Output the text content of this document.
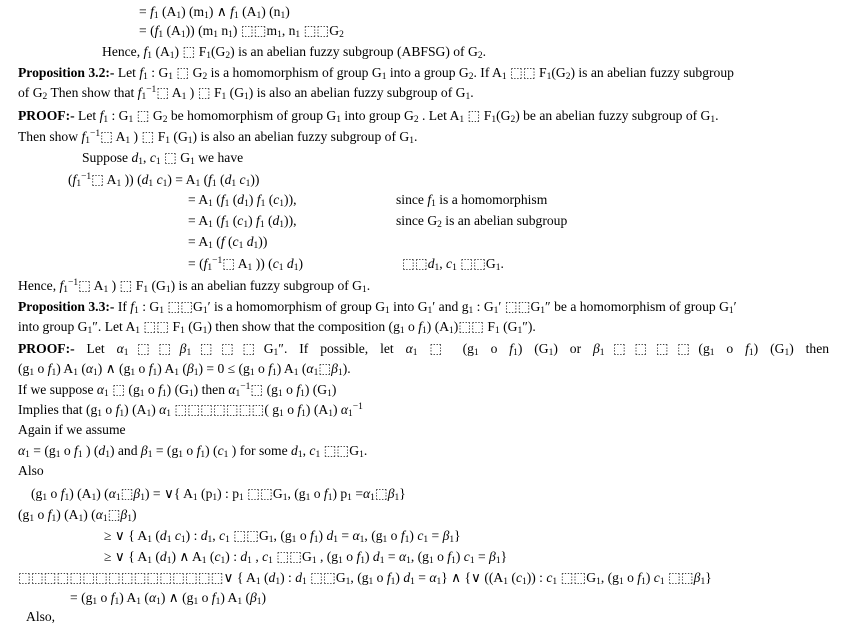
= $f_1$ $(A_1)$ $(m_1)$ ∧ $f_1$ $(A_1)$ $(n_1)$
= ($f_1$ $(A_1)$) ($m_1$ $n_1$) $⬚⬚m_1$, $n_1$ $⬚⬚G_2$
Hence, $f_1$ $(A_1)$ ⬚ $F_1(G_2)$ is an abelian fuzzy subgroup (ABFSG) of $G_2$.
Proposition 3.2:- Let $f_1$ : $G_1$ ⬚ $G_2$ is a homomorphism of group $G_1$ into a group $G_2$. If $A_1$ ⬚⬚ $F_1(G_2)$ is an abelian fuzzy subgroup
of $G_2$ Then show that $f_1^{-1}⬚$ $A_1$ ) ⬚ $F_1$ $(G_1)$ is also an abelian fuzzy subgroup of $G_1$.
PROOF:- Let $f_1$ : $G_1$ ⬚ $G_2$ be homomorphism of group $G_1$ into group $G_2$ . Let $A_1$ ⬚ $F_1(G_2)$ be an abelian fuzzy subgroup of $G_1$.
Then show $f_1^{-1}⬚$ $A_1$ ) ⬚ $F_1$ $(G_1)$ is also an abelian fuzzy subgroup of $G_1$.
Suppose $d_1$, $c_1$ ⬚ $G_1$ we have
($f_1^{-1}⬚$ $A_1$ )) ($d_1$ $c_1) = A_1$ ($f_1$ ($d_1$ $c_1$))
= $A_1$ ($f_1$ $(d_1)$ $f_1$ $(c_1)$),	since $f_1$ is a homomorphism
= $A_1$ ($f_1$ $(c_1)$ $f_1$ $(d_1)$),	since $G_2$ is an abelian subgroup
= $A_1$ (f ($c_1$ $d_1$))
= ($f_1^{-1}⬚$ $A_1$ )) ($c_1$ $d_1$)	$⬚⬚d_1$, $c_1$ $⬚⬚G_1$.
Hence, $f_1^{-1}⬚$ $A_1$ ) ⬚ $F_1$ $(G_1)$ is an abelian fuzzy subgroup of $G_1$.
Proposition 3.3:- If $f_1$ : $G_1$ $⬚⬚G_1'$ is a homomorphism of group $G_1$ into $G_1'$ and $g_1$ : $G_1'$ $⬚⬚G_1''$ be a homomorphism of group $G_1'$
into group $G_1''$. Let $A_1$ ⬚⬚ $F_1$ $(G_1)$ then show that the composition ($g_1$ o $f_1$) $(A_1)⬚⬚$ $F_1$ $(G_1'')$.
PROOF:- Let $\alpha_1⬚⬚\beta_1⬚⬚⬚G_1''$. If possible, let $\alpha_1$ ⬚ ($g_1$ o $f_1$) $(G_1)$ or $\beta_1⬚⬚⬚⬚(g_1$ o $f_1$) $(G_1)$ then
($g_1$ o $f_1$) $A_1$ $(\alpha_1)$ ∧ ($g_1$ o $f_1$) $A_1$ $(\beta_1) = 0 \le (g_1$ o $f_1$) $A_1$ $(\alpha_1⬚\beta_1)$.
If we suppose $\alpha_1$ ⬚ ($g_1$ o $f_1$) $(G_1)$ then $\alpha_1^{-1}⬚$ ($g_1$ o $f_1$) $(G_1)$
Implies that ($g_1$ o $f_1$) $(A_1)$ $\alpha_1$ ⬚⬚⬚⬚⬚⬚⬚( $g_1$ o $f_1$) $(A_1)$ $\alpha_1^{-1}$
Again if we assume
$\alpha_1 = (g_1$ o $f_1$ ) $(d_1)$ and $\beta_1 = (g_1$ o $f_1$) ($c_1$ ) for some $d_1$, $c_1$ $⬚⬚G_1$.
Also
($g_1$ o $f_1$) $(A_1)$ $(\alpha_1⬚\beta_1)$ = ∨{ $A_1$ $(p_1)$ : $p_1$ $⬚⬚G_1$, ($g_1$ o $f_1$) $p_1$ $=\alpha_1⬚\beta_1$}
($g_1$ o $f_1$) $(A_1)$ $(\alpha_1⬚\beta_1)$
≥ ∨ { $A_1$ ($d_1$ $c_1$) : $d_1$, $c_1$ $⬚⬚G_1$, ($g_1$ o $f_1$) $d_1 = \alpha_1$, ($g_1$ o $f_1$) $c_1 = \beta_1$}
≥ ∨ { $A_1$ $(d_1)$ ∧ $A_1$ $(c_1)$ : $d_1$ , $c_1$ $⬚⬚G_1$ , ($g_1$ o $f_1$) $d_1 = \alpha_1$, ($g_1$ o $f_1$) $c_1 = \beta_1$}
⬚⬚⬚⬚⬚⬚⬚⬚⬚⬚⬚⬚⬚⬚⬚⬚∨ { $A_1$ $(d_1)$ : $d_1$ $⬚⬚G_1$, ($g_1$ o $f_1$) $d_1 = \alpha_1$} ∧ {∨ (($A_1$ $(c_1)$) : $c_1$ $⬚⬚G_1$, ($g_1$ o $f_1$) $c_1$ $⬚⬚\beta_1$}
= ($g_1$ o $f_1$) $A_1$ $(\alpha_1)$ ∧ ($g_1$ o $f_1$) $A_1$ $(\beta_1)$
Also,
